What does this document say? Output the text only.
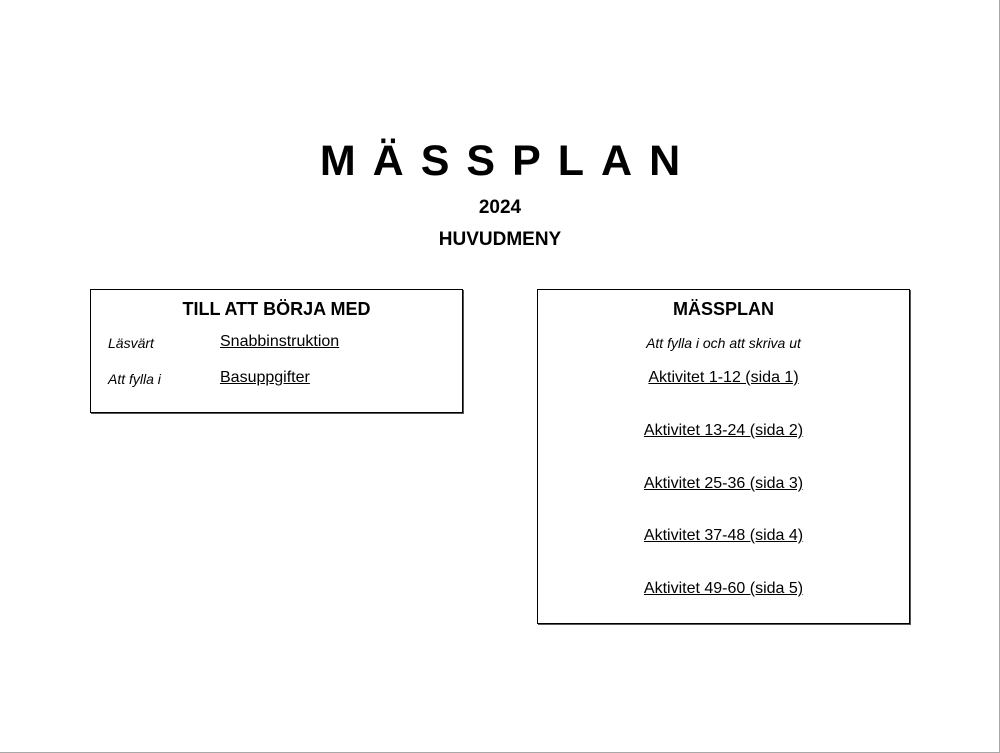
MÄSSPLAN
2024
HUVUDMENY
TILL ATT BÖRJA MED
Läsvärt	Snabbinstruktion
Att fylla i	Basuppgifter
MÄSSPLAN
Att fylla i och att skriva ut
Aktivitet 1-12 (sida 1)
Aktivitet 13-24 (sida 2)
Aktivitet 25-36 (sida 3)
Aktivitet 37-48 (sida 4)
Aktivitet 49-60 (sida 5)
